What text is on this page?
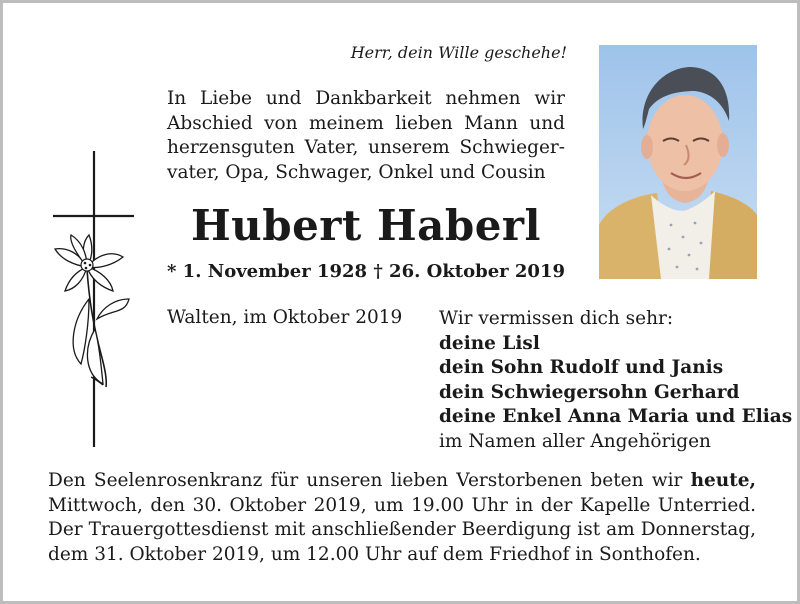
Herr, dein Wille geschehe!
In Liebe und Dankbarkeit nehmen wir
Abschied von meinem lieben Mann und
herzensguten Vater, unserem Schwieger-
vater, Opa, Schwager, Onkel und Cousin
Hubert Haberl
* 1. November 1928 † 26. Oktober 2019
Walten, im Oktober 2019 Wir vermissen dich sehr:
deine Lisl
dein Sohn Rudolf und Janis
dein Schwiegersohn Gerhard
deine Enkel Anna Maria und Elias
im Namen aller Angehörigen
Den Seelenrosenkranz für unseren lieben Verstorbenen beten wir heute,
Mittwoch, den 30. Oktober 2019, um 19.00 Uhr in der Kapelle Unterried.
Der Trauergottesdienst mit anschließender Beerdigung ist am Donnerstag,
dem 31. Oktober 2019, um 12.00 Uhr auf dem Friedhof in Sonthofen.
